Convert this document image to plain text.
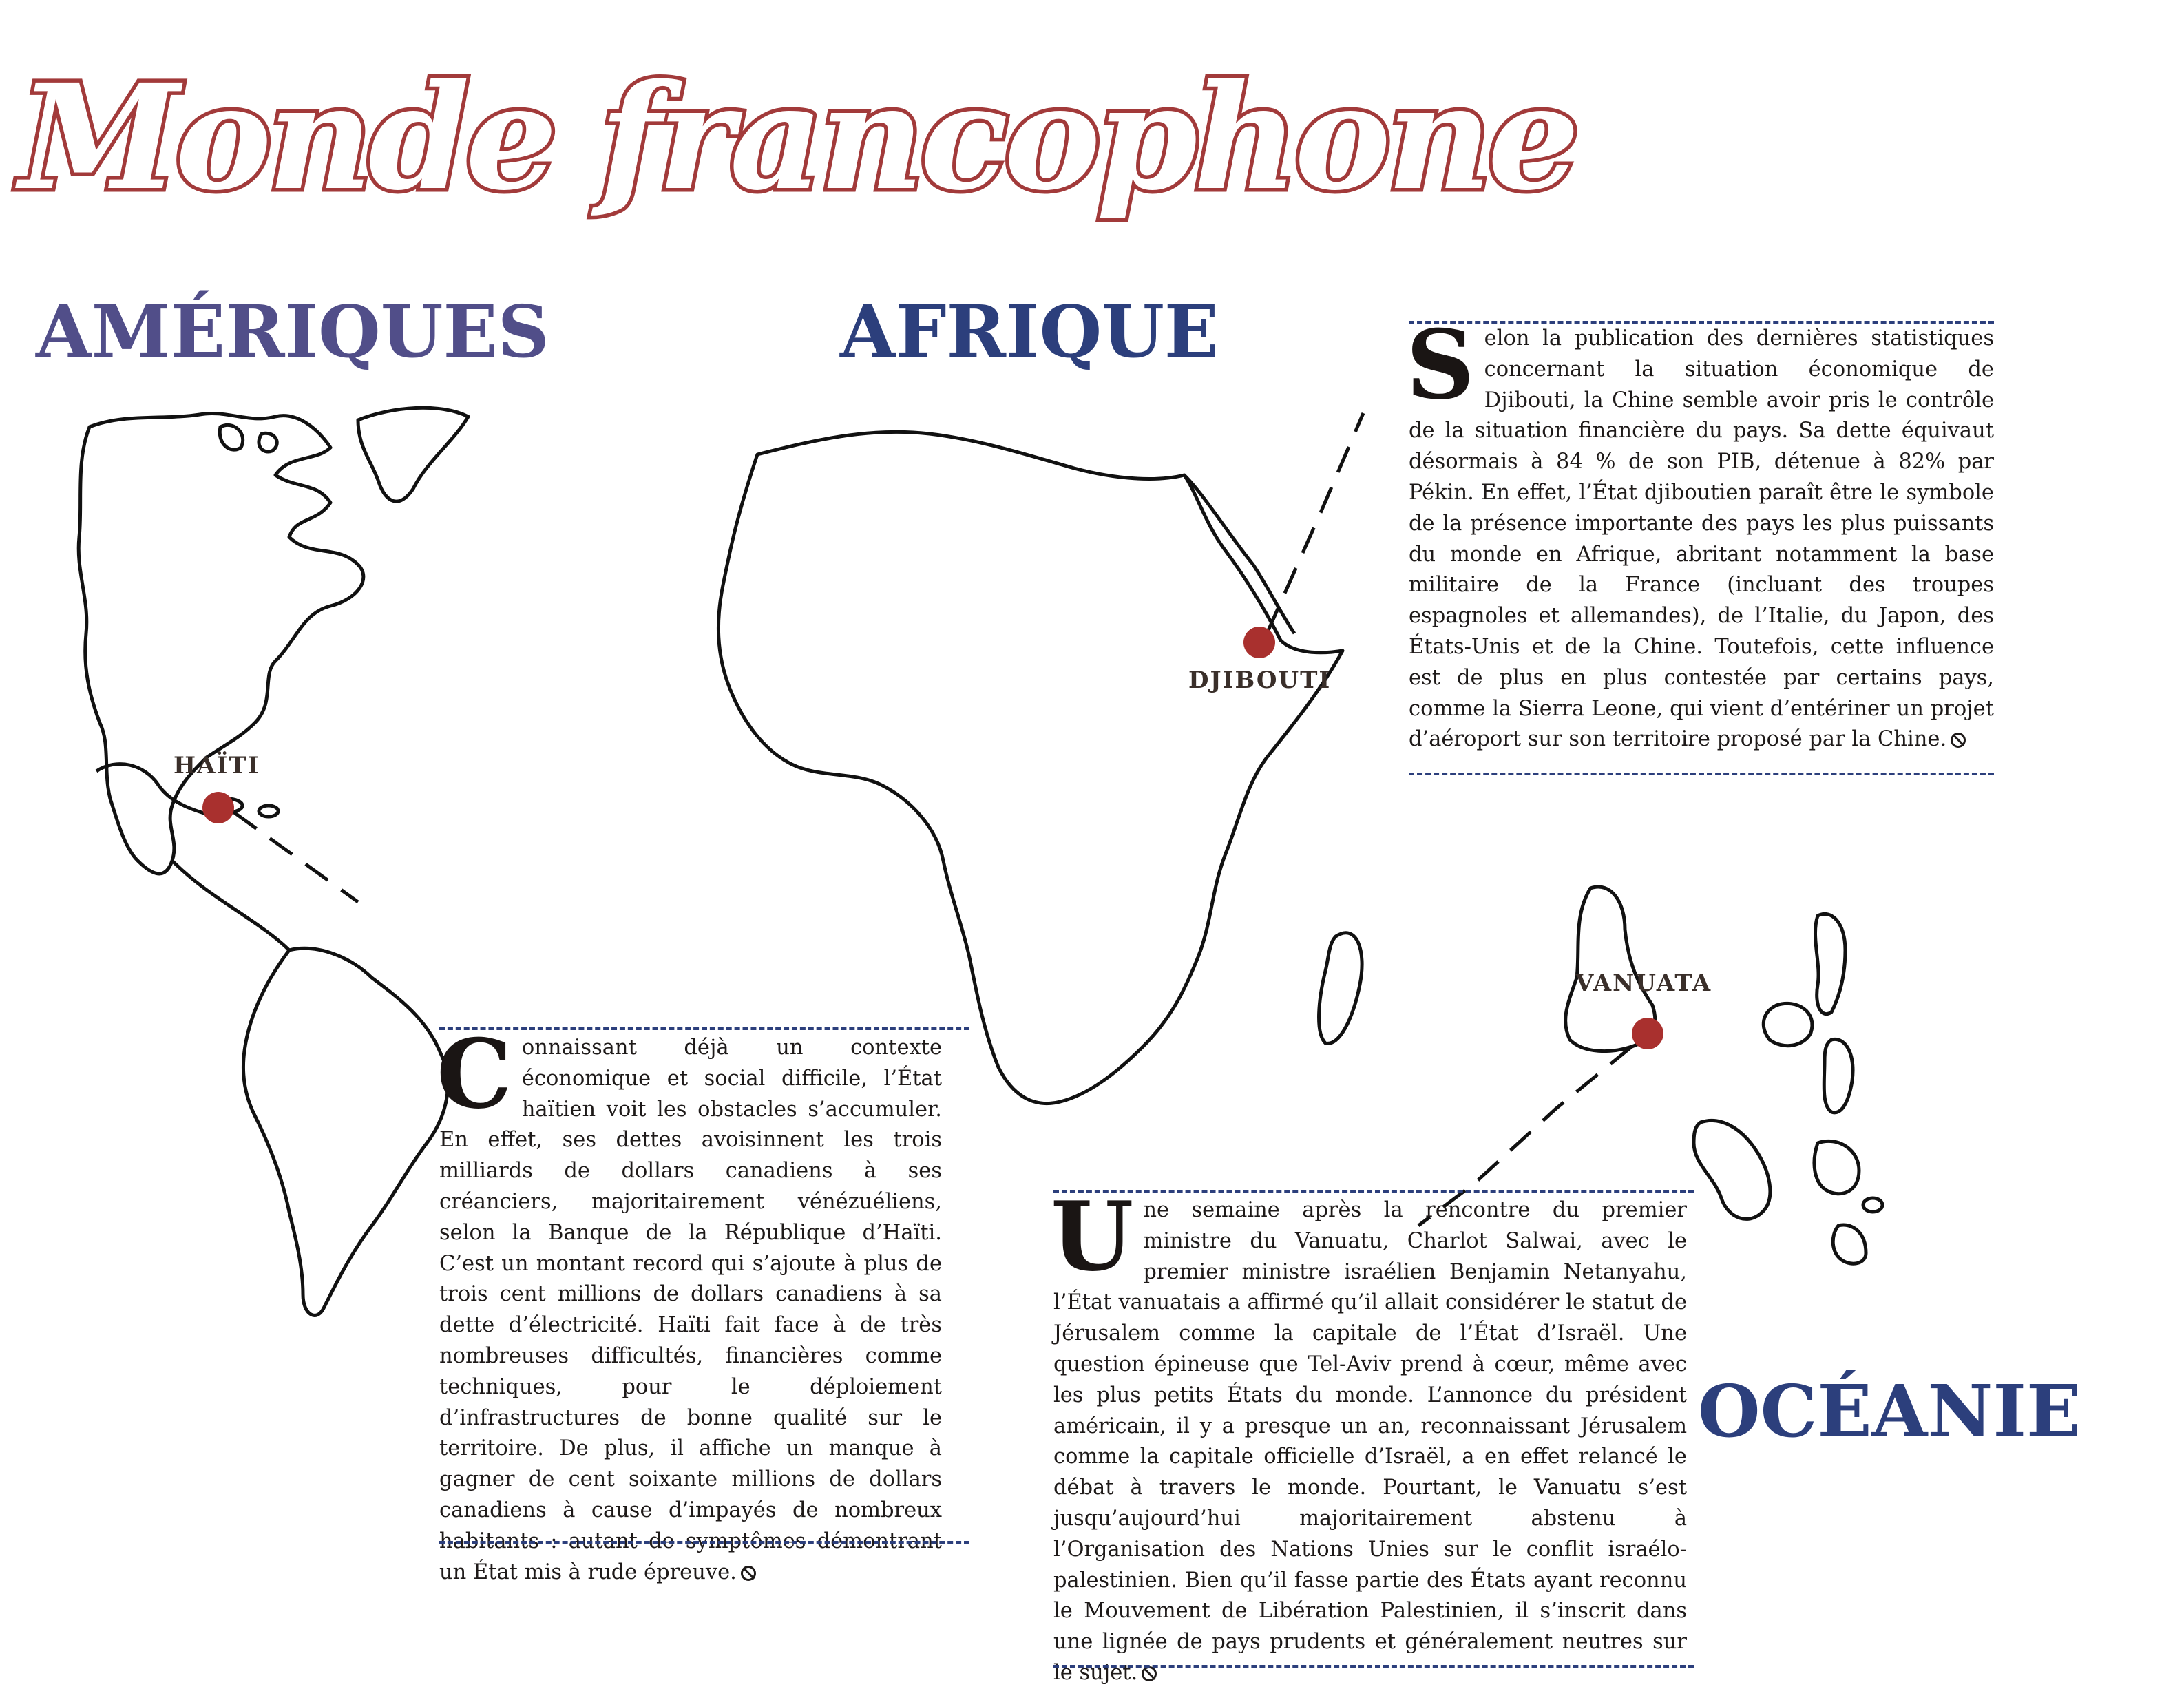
Monde francophone
AMÉRIQUES	AFRIQUE
OCÉANIE
HAÏTI
DJIBOUTI
VANUATA
Selon la publication des dernières statistiques concernant la situation économique de Djibouti, la Chine semble avoir pris le contrôle de la situation financière du pays. Sa dette équivaut désormais à 84 % de son PIB, détenue à 82% par Pékin. En effet, l’État djiboutien paraît être le symbole de la présence importante des pays les plus puissants du monde en Afrique, abritant notamment la base militaire de la France (incluant des troupes espagnoles et allemandes), de l’Italie, du Japon, des États-Unis et de la Chine. Toutefois, cette influence est de plus en plus contestée par certains pays, comme la Sierra Leone, qui vient d’entériner un projet d’aéroport sur son territoire proposé par la Chine.
Connaissant déjà un contexte économique et social difficile, l’État haïtien voit les obstacles s’accumuler. En effet, ses dettes avoisinnent les trois milliards de dollars canadiens à ses créanciers, majoritairement vénézuéliens, selon la Banque de la République d’Haïti. C’est un montant record qui s’ajoute à plus de trois cent millions de dollars canadiens à sa dette d’électricité. Haïti fait face à de très nombreuses difficultés, financières comme techniques, pour le déploiement d’infrastructures de bonne qualité sur le territoire. De plus, il affiche un manque à gagner de cent soixante millions de dollars canadiens à cause d’impayés de nombreux habitants : autant de symptômes démontrant un État mis à rude épreuve.
Une semaine après la rencontre du premier ministre du Vanuatu, Charlot Salwai, avec le premier ministre israélien Benjamin Netanyahu, l’État vanuatais a affirmé qu’il allait considérer le statut de Jérusalem comme la capitale de l’État d’Israël. Une question épineuse que Tel-Aviv prend à cœur, même avec les plus petits États du monde. L’annonce du président américain, il y a presque un an, reconnaissant Jérusalem comme la capitale officielle d’Israël, a en effet relancé le débat à travers le monde. Pourtant, le Vanuatu s’est jusqu’aujourd’hui majoritairement abstenu à l’Organisation des Nations Unies sur le conflit israélo-palestinien. Bien qu’il fasse partie des États ayant reconnu le Mouvement de Libération Palestinien, il s’inscrit dans une lignée de pays prudents et généralement neutres sur le sujet.
